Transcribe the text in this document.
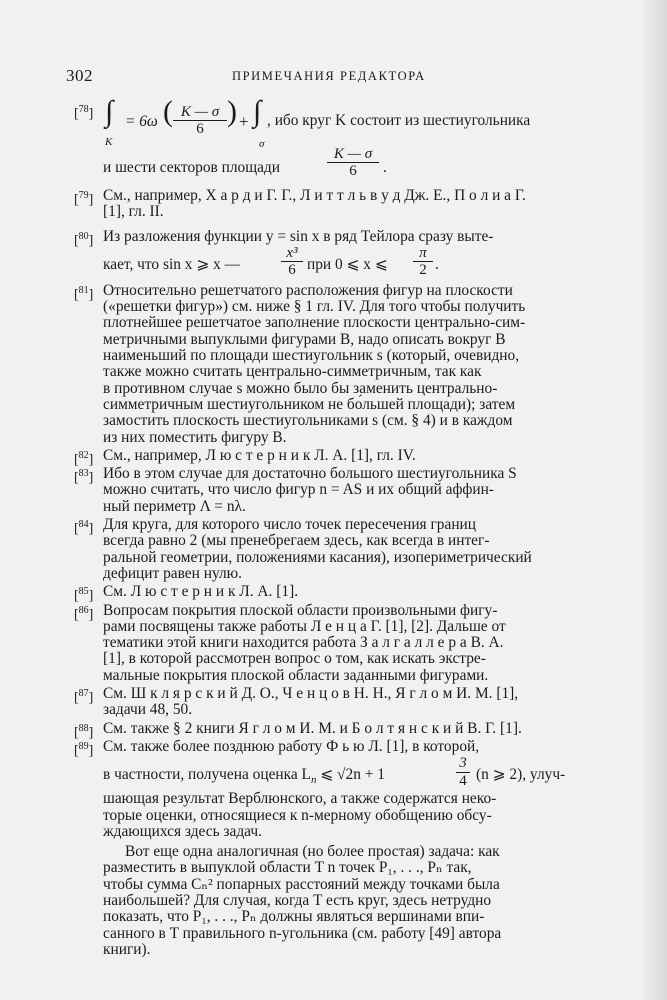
302	ПРИМЕЧАНИЯ РЕДАКТОРА
[$^{78}$] ∫
K
= 6ω ( $\frac{K — \sigma}{6}$ ) + ∫
σ
, ибо круг K состоит из шестиугольника
и шести секторов площади	$\frac{K — \sigma}{6}$ .
[$^{79}$] См., например, Х а р д и Г. Г., Л и т т л ь в у д Дж. Е., П о л и а Г.
[1], гл. II.
[$^{80}$] Из разложения функции y = sin x в ряд Тейлора сразу выте-
кает, что sin x ⩾ x —	$\frac{\text{x³}}{6}$ при 0 ⩽ x ⩽ $\frac{\pi}{2}$ .
[$^{81}$] Относительно решетчатого расположения фигур на плоскости
(«решетки фигур») см. ниже § 1 гл. IV. Для того чтобы получить
плотнейшее решетчатое заполнение плоскости центрально-сим-
метричными выпуклыми фигурами B, надо описать вокруг B
наименьший по площади шестиугольник s (который, очевидно,
также можно считать центрально-симметричным, так как
в противном случае s можно было бы заменить центрально-
симметричным шестиугольником не бо́льшей площади); затем
замостить плоскость шестиугольниками s (см. § 4) и в каждом
из них поместить фигуру B.
[$^{82}$] См., например, Л ю с т е р н и к Л. А. [1], гл. IV.
[$^{83}$] Ибо в этом случае для достаточно большого шестиугольника S
можно считать, что число фигур n = AS и их общий аффин-
ный периметр Λ = nλ.
[$^{84}$] Для круга, для которого число точек пересечения границ
всегда равно 2 (мы пренебрегаем здесь, как всегда в интег-
ральной геометрии, положениями касания), изопериметрический
дефицит равен нулю.
[$^{85}$] См. Л ю с т е р н и к Л. А. [1].
[$^{86}$] Вопросам покрытия плоской области произвольными фигу-
рами посвящены также работы Л е н ц а Г. [1], [2]. Дальше от
тематики этой книги находится работа З а л г а л л е р а В. А.
[1], в которой рассмотрен вопрос о том, как искать экстре-
мальные покрытия плоской области заданными фигурами.
[$^{87}$] См. Ш к л я р с к и й Д. О., Ч е н ц о в Н. Н., Я г л о м И. М. [1],
задачи 48, 50.
[$^{88}$] См. также § 2 книги Я г л о м И. М. и Б о л т я н с к и й В. Г. [1].
[$^{89}$] См. также более позднюю работу Ф ь ю Л. [1], в которой,
в частности, получена оценка $L_n$ ⩽ √2n + 1	$\frac{3}{4} (n$ ⩾ 2), улуч-
шающая результат Верблюнского, а также содержатся неко-
торые оценки, относящиеся к n-мерному обобщению обсу-
ждающихся здесь задач.
Вот еще одна аналогичная (но более простая) задача: как
разместить в выпуклой области T n точек P₁, . . ., Pₙ так,
чтобы сумма Cₙ² попарных расстояний между точками была
наибольшей? Для случая, когда T есть круг, здесь нетрудно
показать, что P₁, . . ., Pₙ должны являться вершинами впи-
санного в T правильного n-угольника (см. работу [49] автора
книги).
